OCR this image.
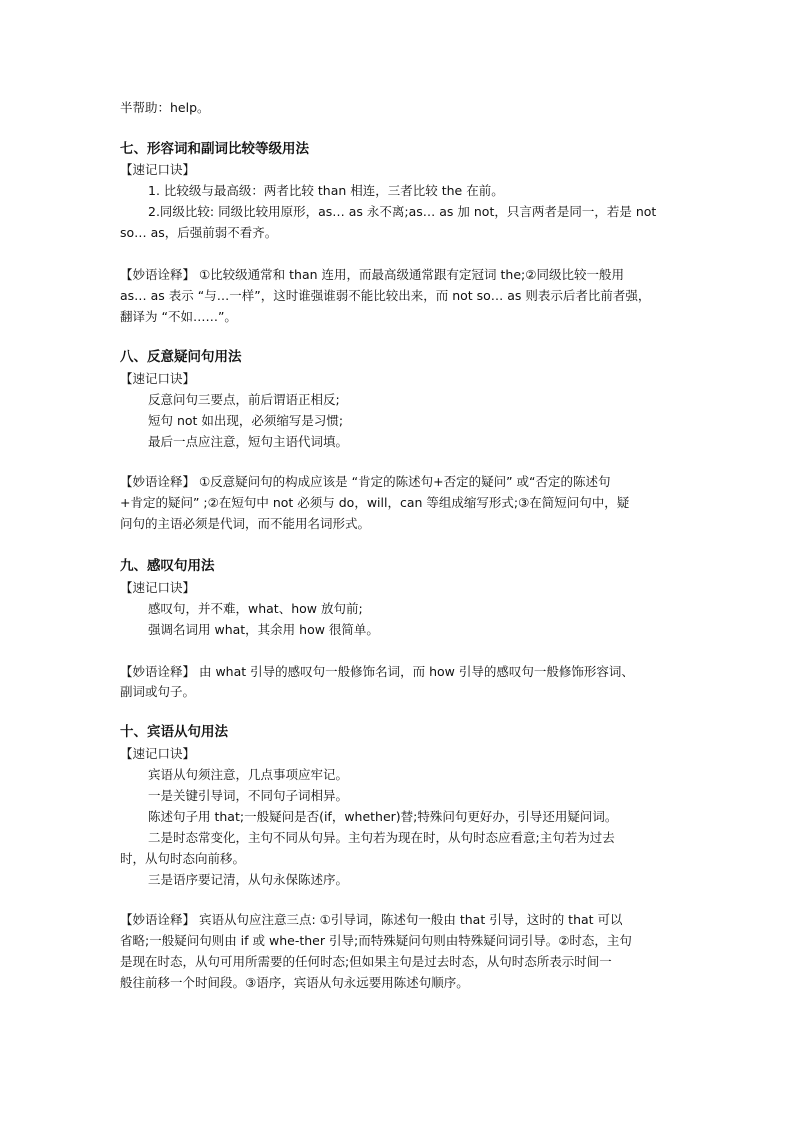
半帮助：help。
七、形容词和副词比较等级用法
【速记口诀】
1. 比较级与最高级：两者比较 than 相连，三者比较 the 在前。
2.同级比较: 同级比较用原形，as… as 永不离;as… as 加 not，只言两者是同一，若是 not
so… as，后强前弱不看齐。
【妙语诠释】 ①比较级通常和 than 连用，而最高级通常跟有定冠词 the;②同级比较一般用
as… as 表示 “与…一样”，这时谁强谁弱不能比较出来，而 not so… as 则表示后者比前者强，
翻译为 “不如……”。
八、反意疑问句用法
【速记口诀】
反意问句三要点，前后谓语正相反;
短句 not 如出现，必须缩写是习惯;
最后一点应注意，短句主语代词填。
【妙语诠释】 ①反意疑问句的构成应该是 “肯定的陈述句+否定的疑问” 或“否定的陈述句
+肯定的疑问” ;②在短句中 not 必须与 do，will，can 等组成缩写形式;③在简短问句中，疑
问句的主语必须是代词，而不能用名词形式。
九、感叹句用法
【速记口诀】
感叹句，并不难，what、how 放句前;
强调名词用 what，其余用 how 很简单。
【妙语诠释】 由 what 引导的感叹句一般修饰名词，而 how 引导的感叹句一般修饰形容词、
副词或句子。
十、宾语从句用法
【速记口诀】
宾语从句须注意，几点事项应牢记。
一是关键引导词，不同句子词相异。
陈述句子用 that;一般疑问是否(if，whether)替;特殊问句更好办，引导还用疑问词。
二是时态常变化，主句不同从句异。主句若为现在时，从句时态应看意;主句若为过去
时，从句时态向前移。
三是语序要记清，从句永保陈述序。
【妙语诠释】 宾语从句应注意三点: ①引导词，陈述句一般由 that 引导，这时的 that 可以
省略;一般疑问句则由 if 或 whe-ther 引导;而特殊疑问句则由特殊疑问词引导。②时态，主句
是现在时态，从句可用所需要的任何时态;但如果主句是过去时态，从句时态所表示时间一
般往前移一个时间段。③语序，宾语从句永远要用陈述句顺序。
